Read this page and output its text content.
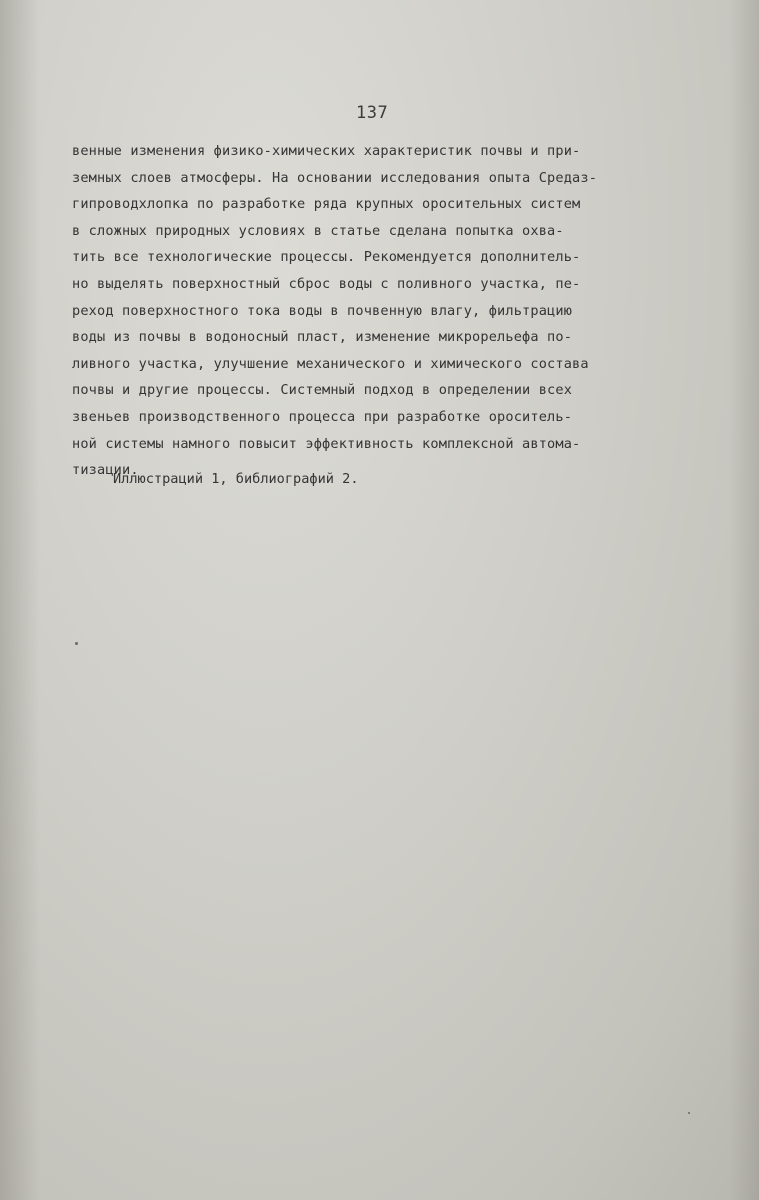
137
венные изменения физико-химических характеристик почвы и при-
земных слоев атмосферы. На основании исследования опыта Средаз-
гипроводхлопка по разработке ряда крупных оросительных систем
в сложных природных условиях в статье сделана попытка охва-
тить все технологические процессы. Рекомендуется дополнитель-
но выделять поверхностный сброс воды с поливного участка, пе-
реход поверхностного тока воды в почвенную влагу, фильтрацию
воды из почвы в водоносный пласт, изменение микрорельефа по-
ливного участка, улучшение механического и химического состава
почвы и другие процессы. Системный подход в определении всех
звеньев производственного процесса при разработке ороситель-
ной системы намного повысит эффективность комплексной автома-
тизации.
Иллюстраций 1, библиографий 2.
